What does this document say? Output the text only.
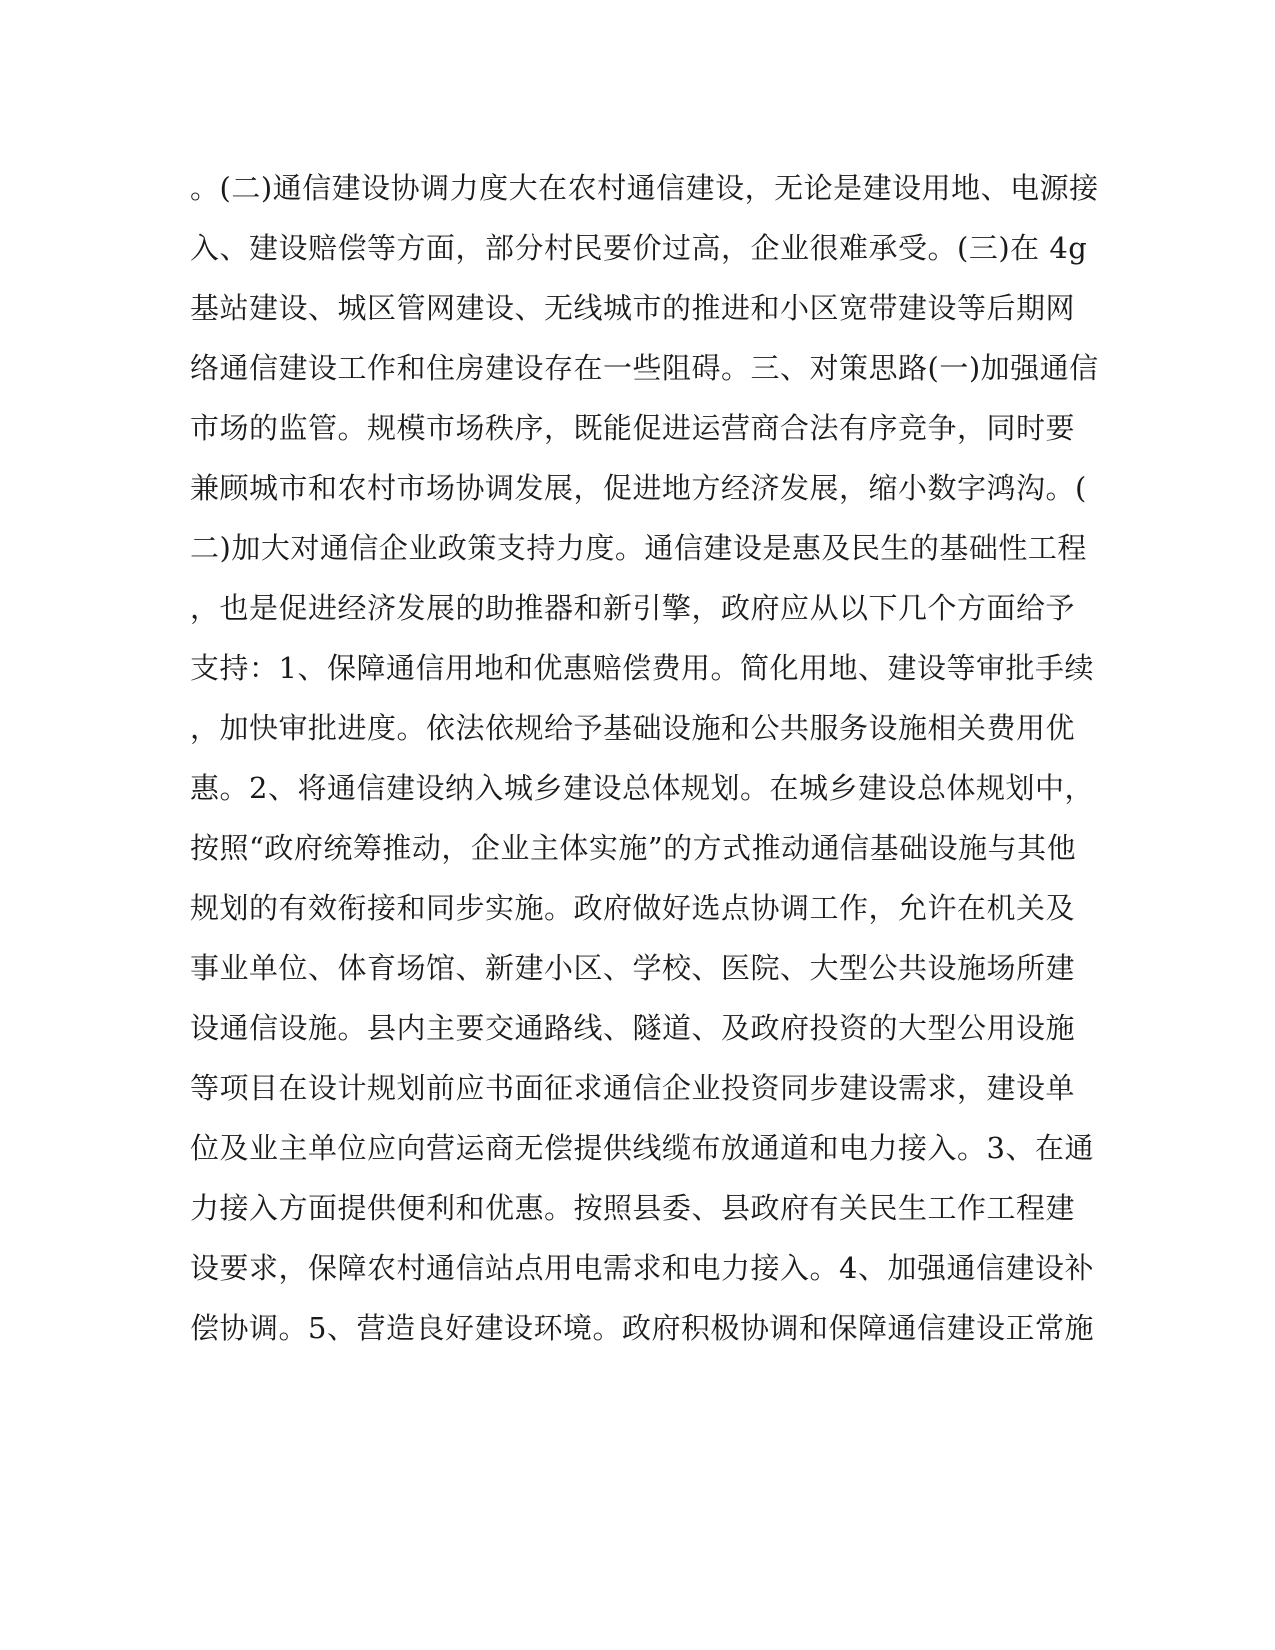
。(二)通信建设协调力度大在农村通信建设，无论是建设用地、电源接
入、建设赔偿等方面，部分村民要价过高，企业很难承受。(三)在 4g
基站建设、城区管网建设、无线城市的推进和小区宽带建设等后期网
络通信建设工作和住房建设存在一些阻碍。三、对策思路(一)加强通信
市场的监管。规模市场秩序，既能促进运营商合法有序竞争，同时要
兼顾城市和农村市场协调发展，促进地方经济发展，缩小数字鸿沟。(
二)加大对通信企业政策支持力度。通信建设是惠及民生的基础性工程
，也是促进经济发展的助推器和新引擎，政府应从以下几个方面给予
支持：1、保障通信用地和优惠赔偿费用。简化用地、建设等审批手续
，加快审批进度。依法依规给予基础设施和公共服务设施相关费用优
惠。2、将通信建设纳入城乡建设总体规划。在城乡建设总体规划中，
按照“政府统筹推动，企业主体实施”的方式推动通信基础设施与其他
规划的有效衔接和同步实施。政府做好选点协调工作，允许在机关及
事业单位、体育场馆、新建小区、学校、医院、大型公共设施场所建
设通信设施。县内主要交通路线、隧道、及政府投资的大型公用设施
等项目在设计规划前应书面征求通信企业投资同步建设需求，建设单
位及业主单位应向营运商无偿提供线缆布放通道和电力接入。3、在通
力接入方面提供便利和优惠。按照县委、县政府有关民生工作工程建
设要求，保障农村通信站点用电需求和电力接入。4、加强通信建设补
偿协调。5、营造良好建设环境。政府积极协调和保障通信建设正常施
